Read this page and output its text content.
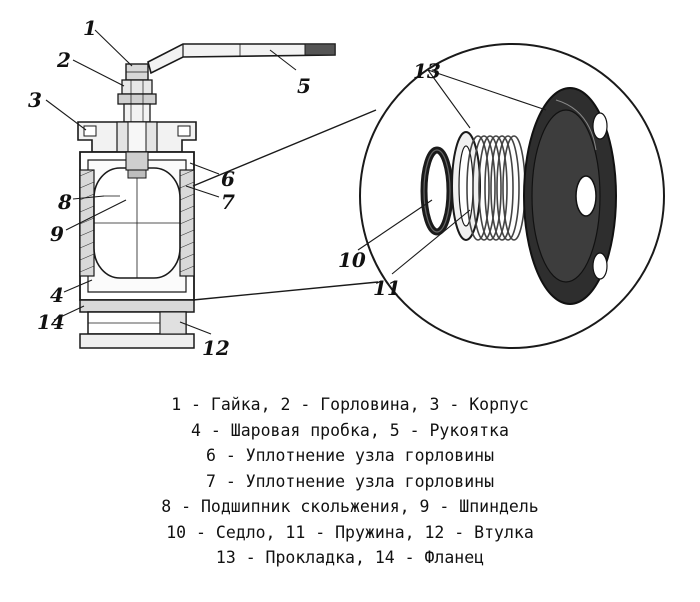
1
2
3
4
5
6
7
8
9
10
11
12
13
14
1 - Гайка, 2 - Горловина, 3 - Корпус
4 - Шаровая пробка, 5 - Рукоятка
6 - Уплотнение узла горловины
7 - Уплотнение узла горловины
8 - Подшипник скольжения, 9 - Шпиндель
10 - Седло, 11 - Пружина, 12 - Втулка
13 - Прокладка, 14 - Фланец
